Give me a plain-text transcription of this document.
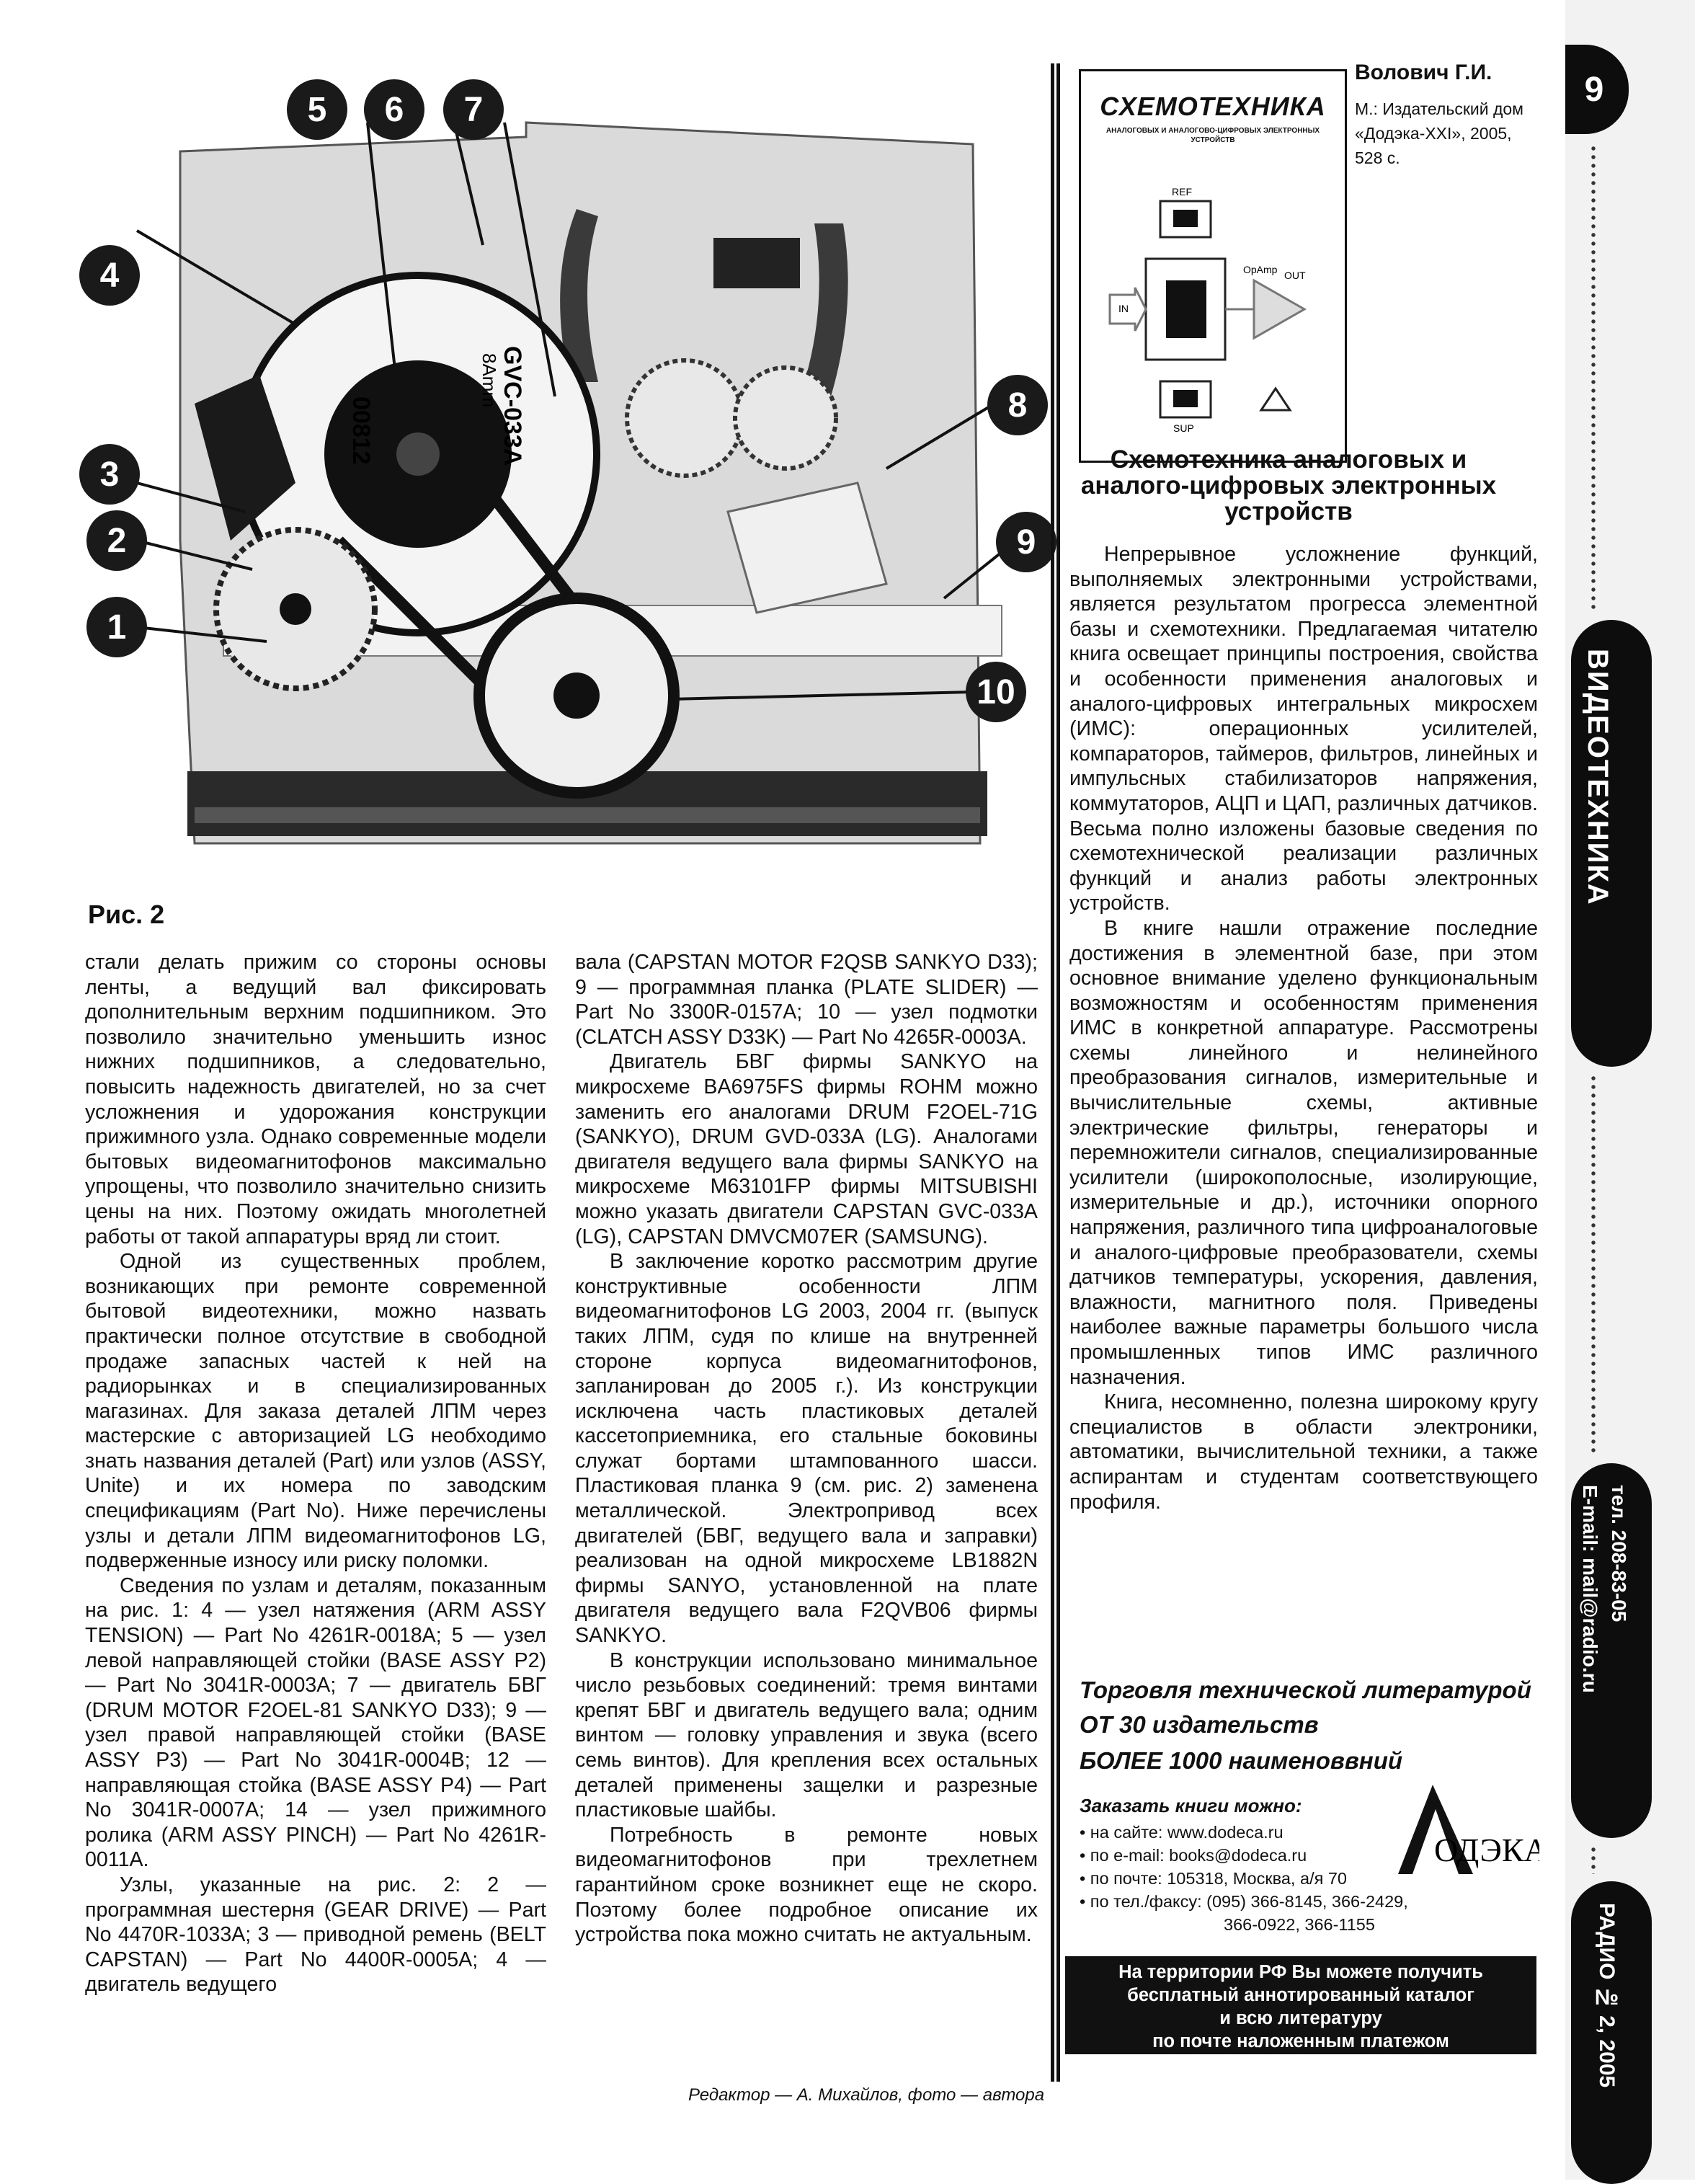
GVC-033A
8Amm
00812
5	6	7
4
8
3
2	9
1
10
Рис. 2

стали делать прижим со стороны основы ленты, а ведущий вал фиксировать дополнительным верхним подшипником. Это позволило значительно уменьшить износ нижних подшипников, а следовательно, повысить надежность двигателей, но за счет усложнения и удорожания конструкции прижимного узла. Однако современные модели бытовых видеомагнитофонов максимально упрощены, что позволило значительно снизить цены на них. Поэтому ожидать многолетней работы от такой аппаратуры вряд ли стоит.

Одной из существенных проблем, возникающих при ремонте современной бытовой видеотехники, можно назвать практически полное отсутствие в свободной продаже запасных частей к ней на радиорынках и в специализированных магазинах. Для заказа деталей ЛПМ через мастерские с авторизацией LG необходимо знать названия деталей (Part) или узлов (ASSY, Unite) и их номера по заводским спецификациям (Part No). Ниже перечислены узлы и детали ЛПМ видеомагнитофонов LG, подверженные износу или риску поломки.

Сведения по узлам и деталям, показанным на рис. 1: 4 — узел натяжения (ARM ASSY TENSION) — Part No 4261R-0018A; 5 — узел левой направляющей стойки (BASE ASSY P2) — Part No 3041R-0003A; 7 — двигатель БВГ (DRUM MOTOR F2OEL-81 SANKYO D33); 9 — узел правой направляющей стойки (BASE ASSY P3) — Part No 3041R-0004B; 12 — направляющая стойка (BASE ASSY P4) — Part No 3041R-0007A; 14 — узел прижимного ролика (ARM ASSY PINCH) — Part No 4261R-0011A.

Узлы, указанные на рис. 2: 2 — программная шестерня (GEAR DRIVE) — Part No 4470R-1033A; 3 — приводной ремень (BELT CAPSTAN) — Part No 4400R-0005A; 4 — двигатель ведущего

вала (CAPSTAN MOTOR F2QSB SANKYO D33); 9 — программная планка (PLATE SLIDER) — Part No 3300R-0157A; 10 — узел подмотки (CLATCH ASSY D33K) — Part No 4265R-0003A.

Двигатель БВГ фирмы SANKYO на микросхеме BA6975FS фирмы ROHM можно заменить его аналогами DRUM F2OEL-71G (SANKYO), DRUM GVD-033A (LG). Аналогами двигателя ведущего вала фирмы SANKYO на микросхеме M63101FP фирмы MITSUBISHI можно указать двигатели CAPSTAN GVC-033A (LG), CAPSTAN DMVCM07ER (SAMSUNG).

В заключение коротко рассмотрим другие конструктивные особенности ЛПМ видеомагнитофонов LG 2003, 2004 гг. (выпуск таких ЛПМ, судя по клише на внутренней стороне корпуса видеомагнитофонов, запланирован до 2005 г.). Из конструкции исключена часть пластиковых деталей кассетоприемника, его стальные боковины служат бортами штампованного шасси. Пластиковая планка 9 (см. рис. 2) заменена металлической. Электропривод всех двигателей (БВГ, ведущего вала и заправки) реализован на одной микросхеме LB1882N фирмы SANYO, установленной на плате двигателя ведущего вала F2QVB06 фирмы SANKYO.

В конструкции использовано минимальное число резьбовых соединений: тремя винтами крепят БВГ и двигатель ведущего вала; одним винтом — головку управления и звука (всего семь винтов). Для крепления всех остальных деталей применены защелки и разрезные пластиковые шайбы.

Потребность в ремонте новых видеомагнитофонов при трехлетнем гарантийном сроке возникнет еще не скоро. Поэтому более подробное описание их устройства пока можно считать не актуальным.

Редактор — А. Михайлов, фото — автора
СХЕМОТЕХНИКА
АНАЛОГОВЫХ И АНАЛОГОВО-ЦИФРОВЫХ ЭЛЕКТРОННЫХ УСТРОЙСТВ
REF
OpAmp OUT
IN
SUP
Волович Г.И.
М.: Издательский дом «Додэка-XXI», 2005, 528 с.
Схемотехника аналоговых и аналого-цифровых электронных устройств

Непрерывное усложнение функций, выполняемых электронными устройствами, является результатом прогресса элементной базы и схемотехники. Предлагаемая читателю книга освещает принципы построения, свойства и особенности применения аналоговых и аналого-цифровых интегральных микросхем (ИМС): операционных усилителей, компараторов, таймеров, фильтров, линейных и импульсных стабилизаторов напряжения, коммутаторов, АЦП и ЦАП, различных датчиков. Весьма полно изложены базовые сведения по схемотехнической реализации различных функций и анализ работы электронных устройств.

В книге нашли отражение последние достижения в элементной базе, при этом основное внимание уделено функциональным возможностям и особенностям применения ИМС в конкретной аппаратуре. Рассмотрены схемы линейного и нелинейного преобразования сигналов, измерительные и вычислительные схемы, активные электрические фильтры, генераторы и перемножители сигналов, специализированные усилители (широкополосные, изолирующие, измерительные и др.), источники опорного напряжения, различного типа цифроаналоговые и аналого-цифровые преобразователи, схемы датчиков температуры, ускорения, давления, влажности, магнитного поля. Приведены наиболее важные параметры большого числа промышленных типов ИМС различного назначения.

Книга, несомненно, полезна широкому кругу специалистов в области электроники, автоматики, вычислительной техники, а также аспирантам и студентам соответствующего профиля.

Торговля технической литературой
ОТ 30 издательств
БОЛЕЕ 1000 наименоввний
Заказать книги можно:
• на сайте: www.dodeca.ru
• по e-mail: books@dodeca.ru
• по почте: 105318, Москва, а/я 70
• по тел./факсу: (095) 366-8145, 366-2429,
366-0922, 366-1155
ОДЭКА
На территории РФ Вы можете получить
бесплатный аннотированный каталог
и всю литературу
по почте наложенным платежом
9
ВИДЕОТЕХНИКА
E-mail: mail@radio.ru тел. 208-83-05
РАДИО № 2, 2005
